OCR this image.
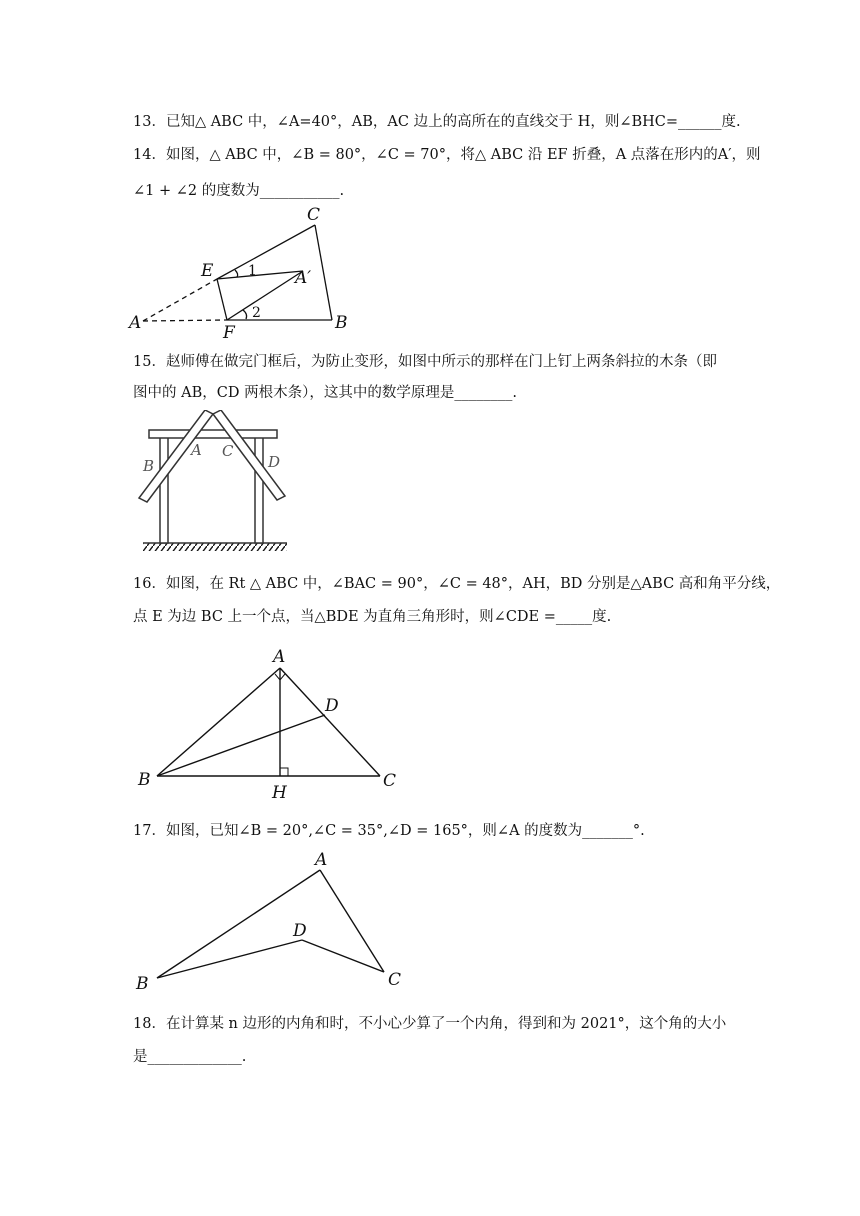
13．已知△ ABC 中，∠A=40°，AB，AC 边上的高所在的直线交于 H，则∠BHC=______度.
14．如图，△ ABC 中，∠B = 80°，∠C = 70°，将△ ABC 沿 EF 折叠，A 点落在形内的A′，则
∠1 + ∠2 的度数为___________.
C
E
A	F	B
A′
1
2
15．赵师傅在做完门框后，为防止变形，如图中所示的那样在门上钉上两条斜拉的木条（即
图中的 AB，CD 两根木条），这其中的数学原理是________.
A
B
C
D
16．如图，在 Rt △ ABC 中，∠BAC = 90°，∠C = 48°，AH，BD 分别是△ABC 高和角平分线，
点 E 为边 BC 上一个点，当△BDE 为直角三角形时，则∠CDE =_____度.
A
D
B
H
C
17．如图，已知∠B = 20°,∠C = 35°,∠D = 165°，则∠A 的度数为_______°.
A
D
B	C
18．在计算某 n 边形的内角和时，不小心少算了一个内角，得到和为 2021°，这个角的大小
是_____________.
